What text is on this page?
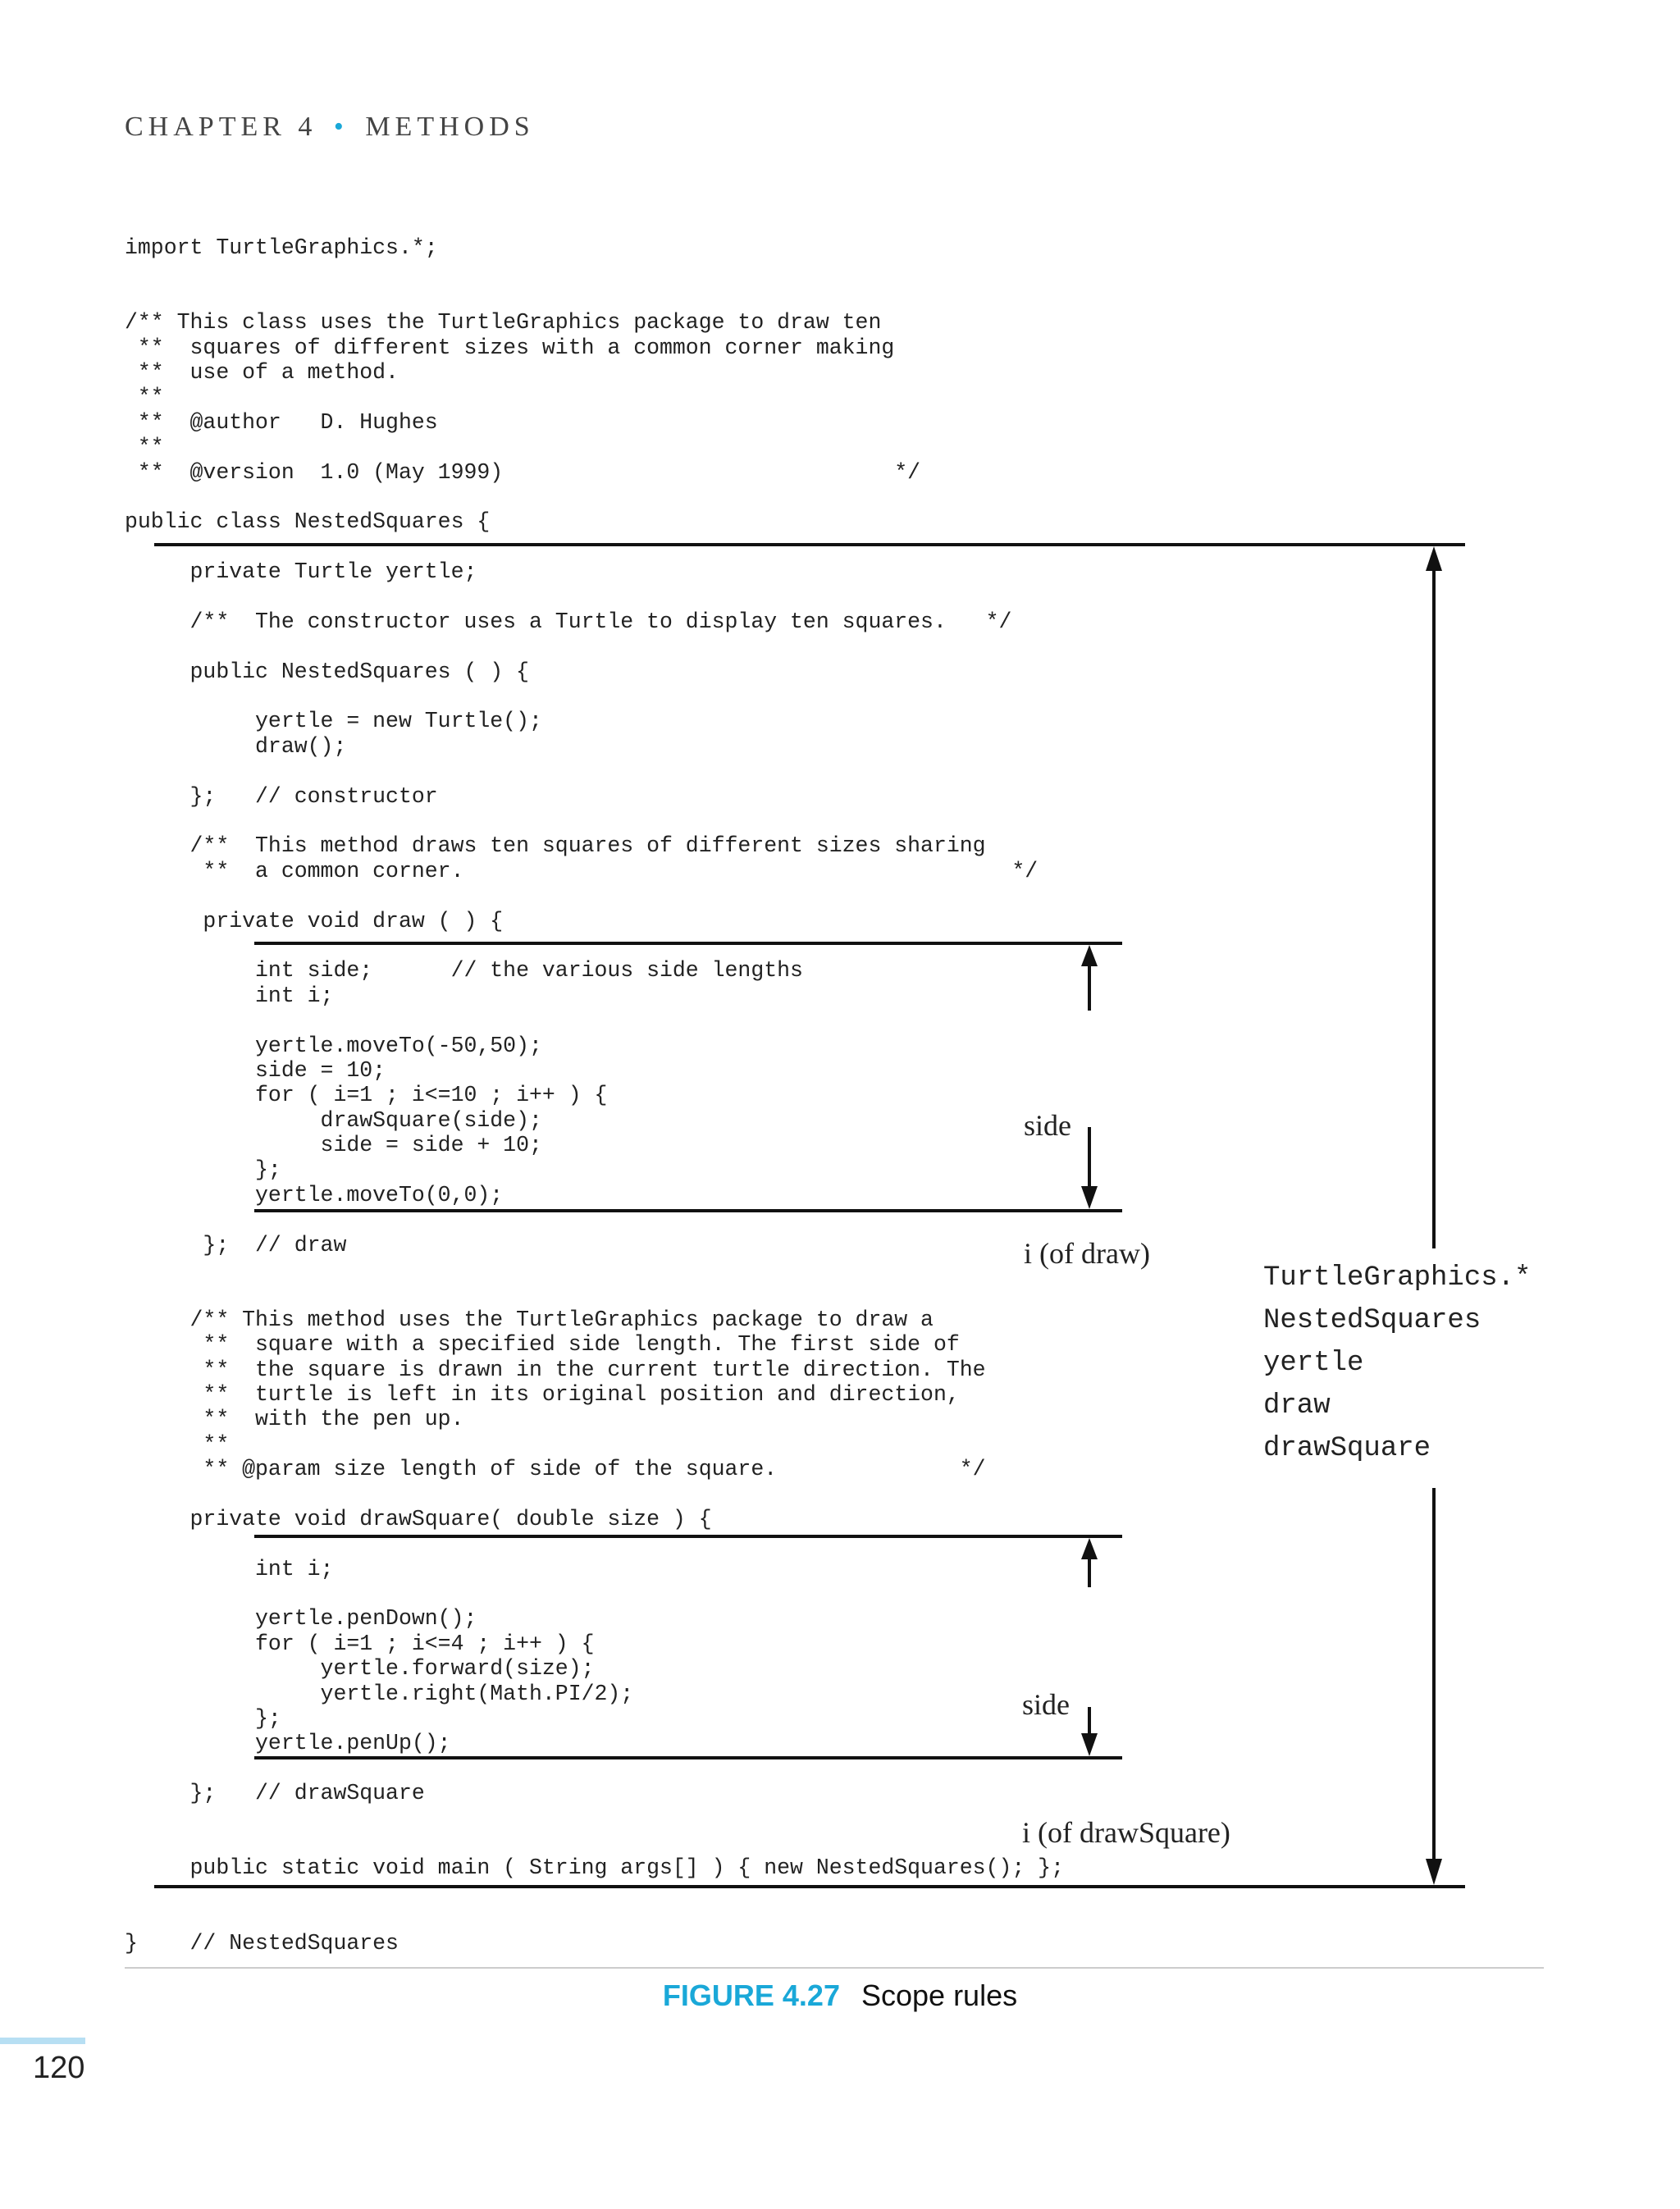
CHAPTER 4 • METHODS
import TurtleGraphics.*;
/** This class uses the TurtleGraphics package to draw ten
**  squares of different sizes with a common corner making
**  use of a method.
**
**  @author   D. Hughes
**
**  @version  1.0 (May 1999)                              */
public class NestedSquares {
private Turtle yertle;
/**  The constructor uses a Turtle to display ten squares.   */
public NestedSquares ( ) {
yertle = new Turtle();
draw();
};   // constructor
/**  This method draws ten squares of different sizes sharing
**  a common corner.                                          */
private void draw ( ) {
int side;      // the various side lengths
int i;
yertle.moveTo(-50,50);
side = 10;
for ( i=1 ; i<=10 ; i++ ) {
drawSquare(side);
side = side + 10;
};
yertle.moveTo(0,0);
};  // draw
/** This method uses the TurtleGraphics package to draw a
**  square with a specified side length. The first side of
**  the square is drawn in the current turtle direction. The
**  turtle is left in its original position and direction,
**  with the pen up.
**
** @param size length of side of the square.              */
private void drawSquare( double size ) {
int i;
yertle.penDown();
for ( i=1 ; i<=4 ; i++ ) {
yertle.forward(size);
yertle.right(Math.PI/2);
};
yertle.penUp();
};   // drawSquare
public static void main ( String args[] ) { new NestedSquares(); };
}    // NestedSquares

side

i (of draw)

side

i (of drawSquare)

TurtleGraphics.*
NestedSquares
yertle
draw
drawSquare
FIGURE 4.27 Scope rules
120
